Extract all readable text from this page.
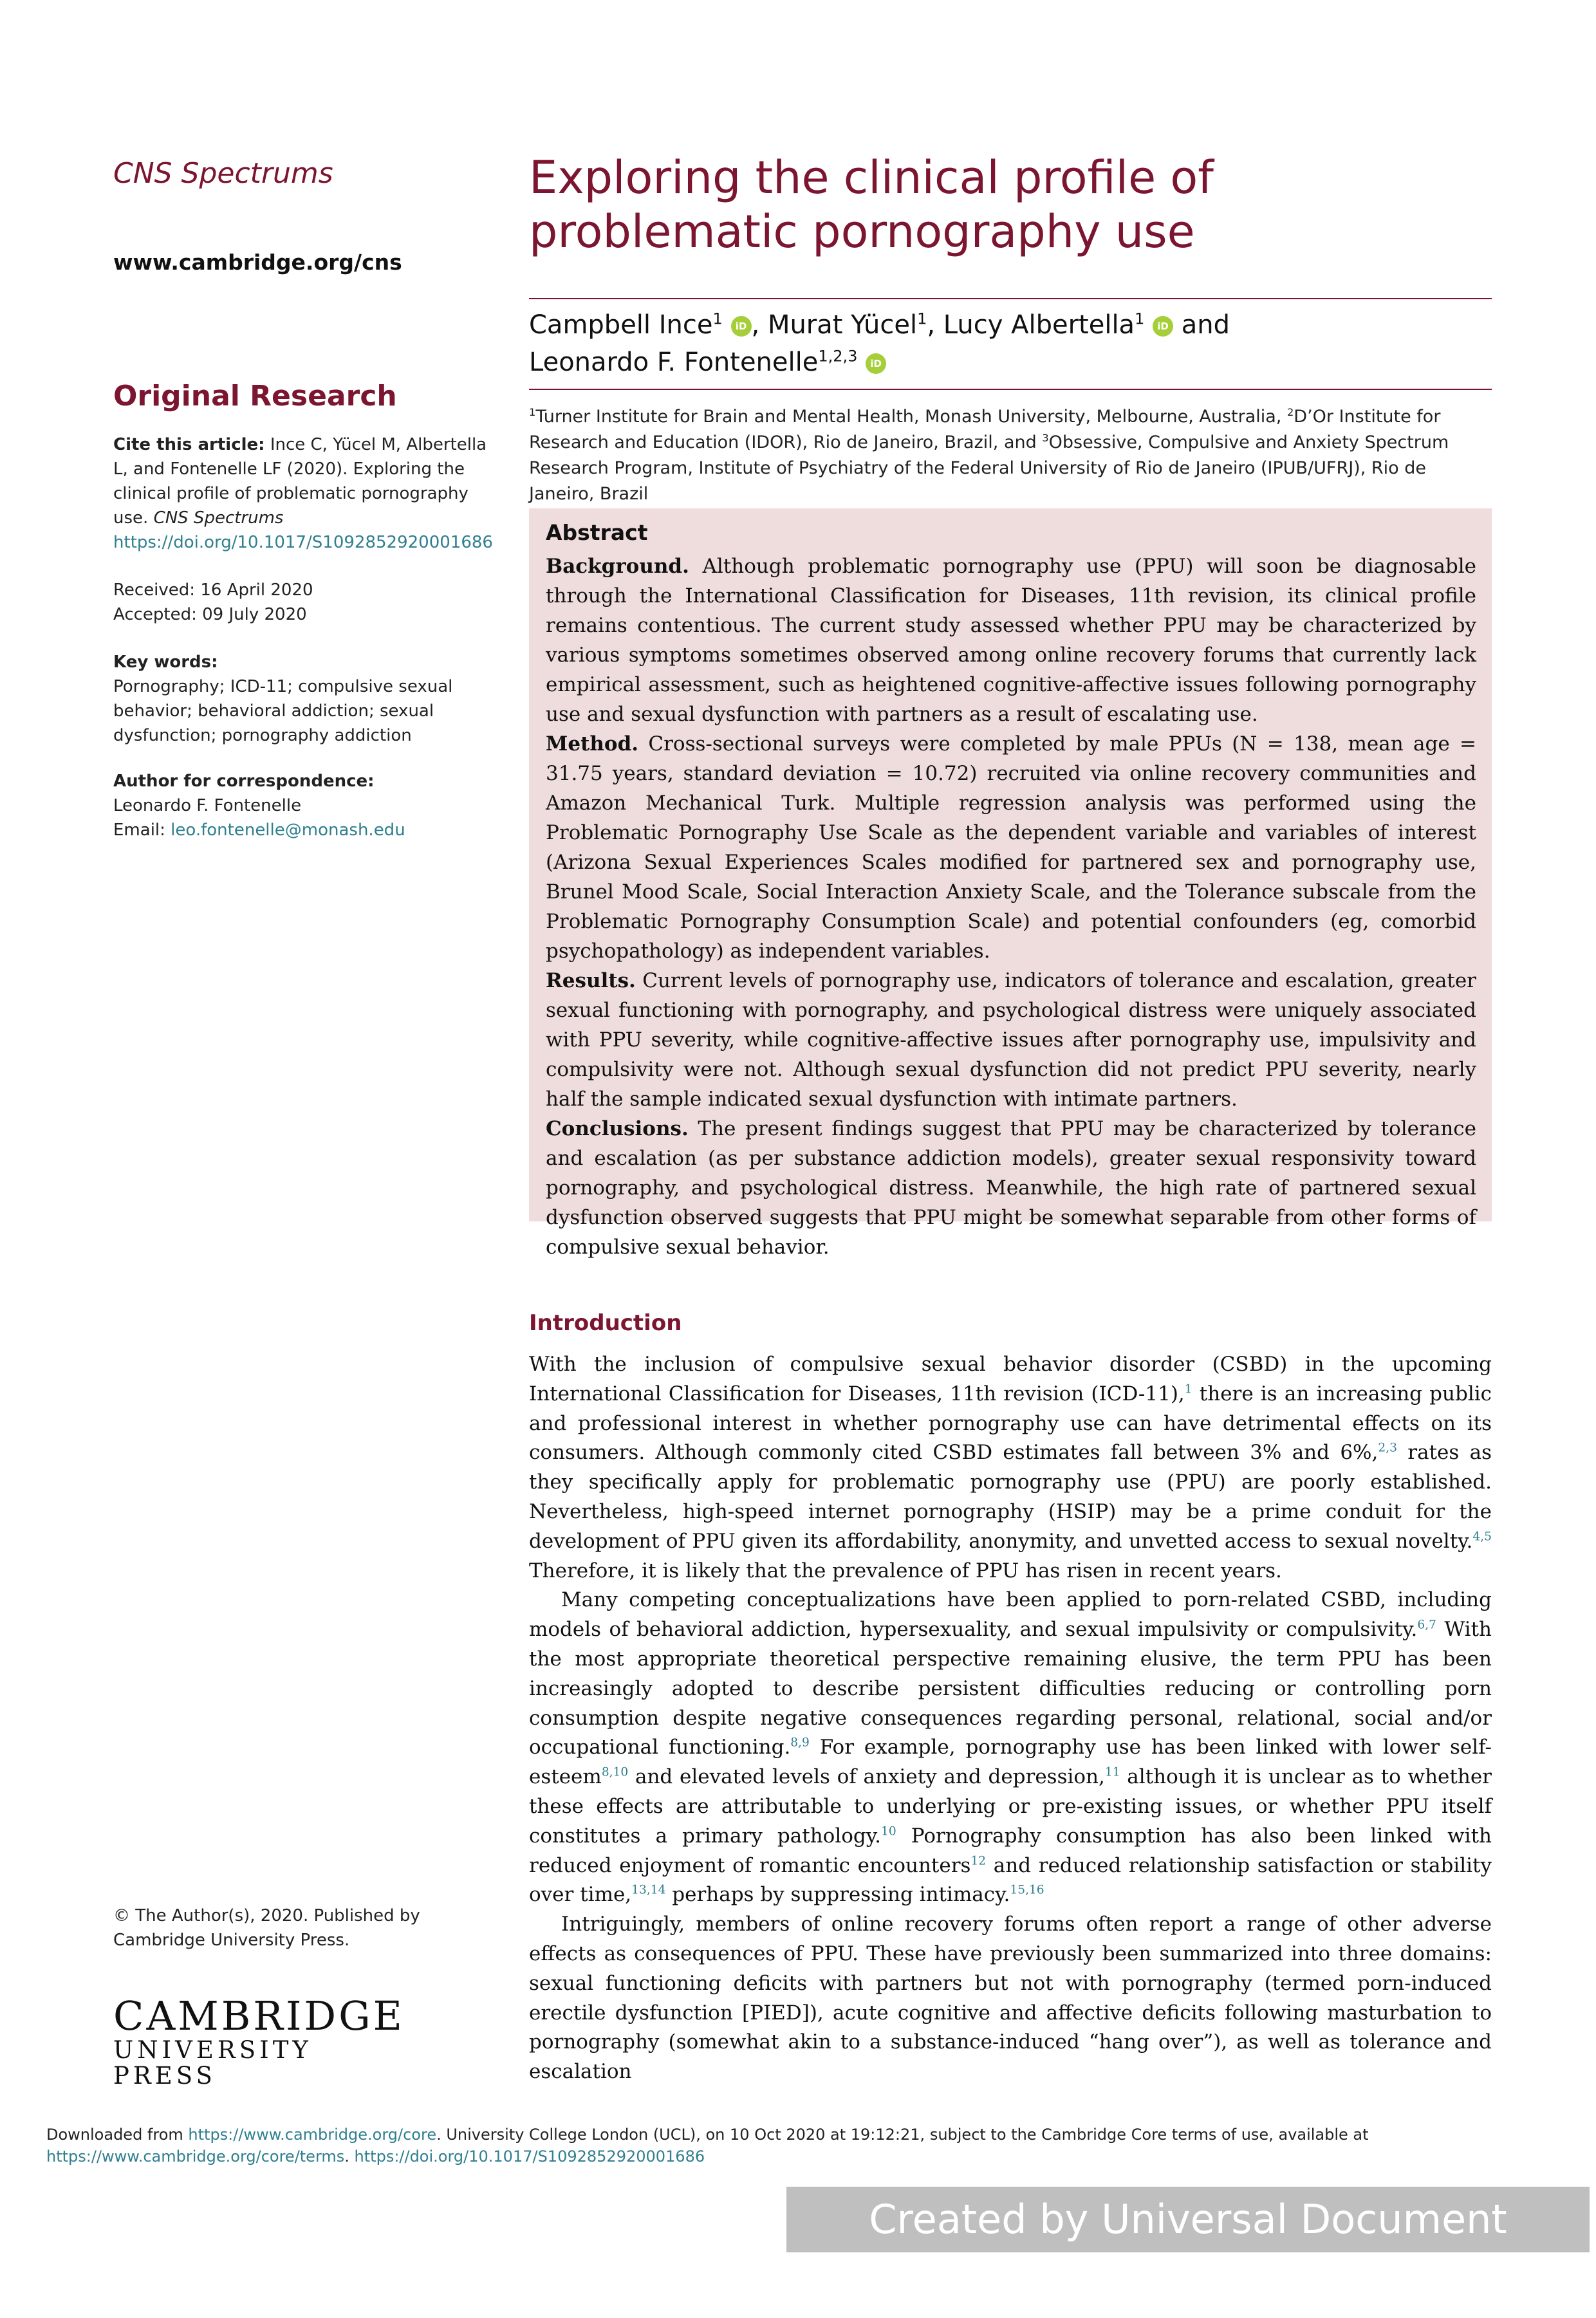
CNS Spectrums
www.cambridge.org/cns
Original Research
Cite this article: Ince C, Yücel M, Albertella L, and Fontenelle LF (2020). Exploring the clinical profile of problematic pornography use. CNS Spectrums
https://doi.org/10.1017/S1092852920001686
Received: 16 April 2020
Accepted: 09 July 2020
Key words:
Pornography; ICD-11; compulsive sexual behavior; behavioral addiction; sexual dysfunction; pornography addiction
Author for correspondence:
Leonardo F. Fontenelle
Email: leo.fontenelle@monash.edu
© The Author(s), 2020. Published by Cambridge University Press.
CAMBRIDGE
UNIVERSITY PRESS
Exploring the clinical profile of problematic pornography use
Campbell Ince$^1$ iD , Murat Yücel$^1$, Lucy Albertella$^1$ iD and
Leonardo F. Fontenelle$^{1,2,3}$ iD
$^1$Turner Institute for Brain and Mental Health, Monash University, Melbourne, Australia, $^2$D’Or Institute for Research and Education (IDOR), Rio de Janeiro, Brazil, and $^3$Obsessive, Compulsive and Anxiety Spectrum Research Program, Institute of Psychiatry of the Federal University of Rio de Janeiro (IPUB/UFRJ), Rio de Janeiro, Brazil
Abstract

Background. Although problematic pornography use (PPU) will soon be diagnosable through the International Classification for Diseases, 11th revision, its clinical profile remains contentious. The current study assessed whether PPU may be characterized by various symptoms sometimes observed among online recovery forums that currently lack empirical assessment, such as heightened cognitive-affective issues following pornography use and sexual dysfunction with partners as a result of escalating use.

Method. Cross-sectional surveys were completed by male PPUs (N = 138, mean age = 31.75 years, standard deviation = 10.72) recruited via online recovery communities and Amazon Mechanical Turk. Multiple regression analysis was performed using the Problematic Pornography Use Scale as the dependent variable and variables of interest (Arizona Sexual Experiences Scales modified for partnered sex and pornography use, Brunel Mood Scale, Social Interaction Anxiety Scale, and the Tolerance subscale from the Problematic Pornography Consumption Scale) and potential confounders (eg, comorbid psychopathology) as independent variables.

Results. Current levels of pornography use, indicators of tolerance and escalation, greater sexual functioning with pornography, and psychological distress were uniquely associated with PPU severity, while cognitive-affective issues after pornography use, impulsivity and compulsivity were not. Although sexual dysfunction did not predict PPU severity, nearly half the sample indicated sexual dysfunction with intimate partners.

Conclusions. The present findings suggest that PPU may be characterized by tolerance and escalation (as per substance addiction models), greater sexual responsivity toward pornography, and psychological distress. Meanwhile, the high rate of partnered sexual dysfunction observed suggests that PPU might be somewhat separable from other forms of compulsive sexual behavior.

Introduction

With the inclusion of compulsive sexual behavior disorder (CSBD) in the upcoming International Classification for Diseases, 11th revision (ICD-11),$^1$ there is an increasing public and professional interest in whether pornography use can have detrimental effects on its consumers. Although commonly cited CSBD estimates fall between 3% and 6%,$^{2,3}$ rates as they specifically apply for problematic pornography use (PPU) are poorly established. Nevertheless, high-speed internet pornography (HSIP) may be a prime conduit for the development of PPU given its affordability, anonymity, and unvetted access to sexual novelty.$^{4,5}$ Therefore, it is likely that the prevalence of PPU has risen in recent years.

Many competing conceptualizations have been applied to porn-related CSBD, including models of behavioral addiction, hypersexuality, and sexual impulsivity or compulsivity.$^{6,7}$ With the most appropriate theoretical perspective remaining elusive, the term PPU has been increasingly adopted to describe persistent difficulties reducing or controlling porn consumption despite negative consequences regarding personal, relational, social and/or occupational functioning.$^{8,9}$ For example, pornography use has been linked with lower self-esteem$^{8,10}$ and elevated levels of anxiety and depression,$^{11}$ although it is unclear as to whether these effects are attributable to underlying or pre-existing issues, or whether PPU itself constitutes a primary pathology.$^{10}$ Pornography consumption has also been linked with reduced enjoyment of romantic encounters$^{12}$ and reduced relationship satisfaction or stability over time,$^{13,14}$ perhaps by suppressing intimacy.$^{15,16}$

Intriguingly, members of online recovery forums often report a range of other adverse effects as consequences of PPU. These have previously been summarized into three domains: sexual functioning deficits with partners but not with pornography (termed porn-induced erectile dysfunction [PIED]), acute cognitive and affective deficits following masturbation to pornography (somewhat akin to a substance-induced “hang over”), as well as tolerance and escalation

Downloaded from https://www.cambridge.org/core. University College London (UCL), on 10 Oct 2020 at 19:12:21, subject to the Cambridge Core terms of use, available at
https://www.cambridge.org/core/terms. https://doi.org/10.1017/S1092852920001686
Created by Universal Document Converter
